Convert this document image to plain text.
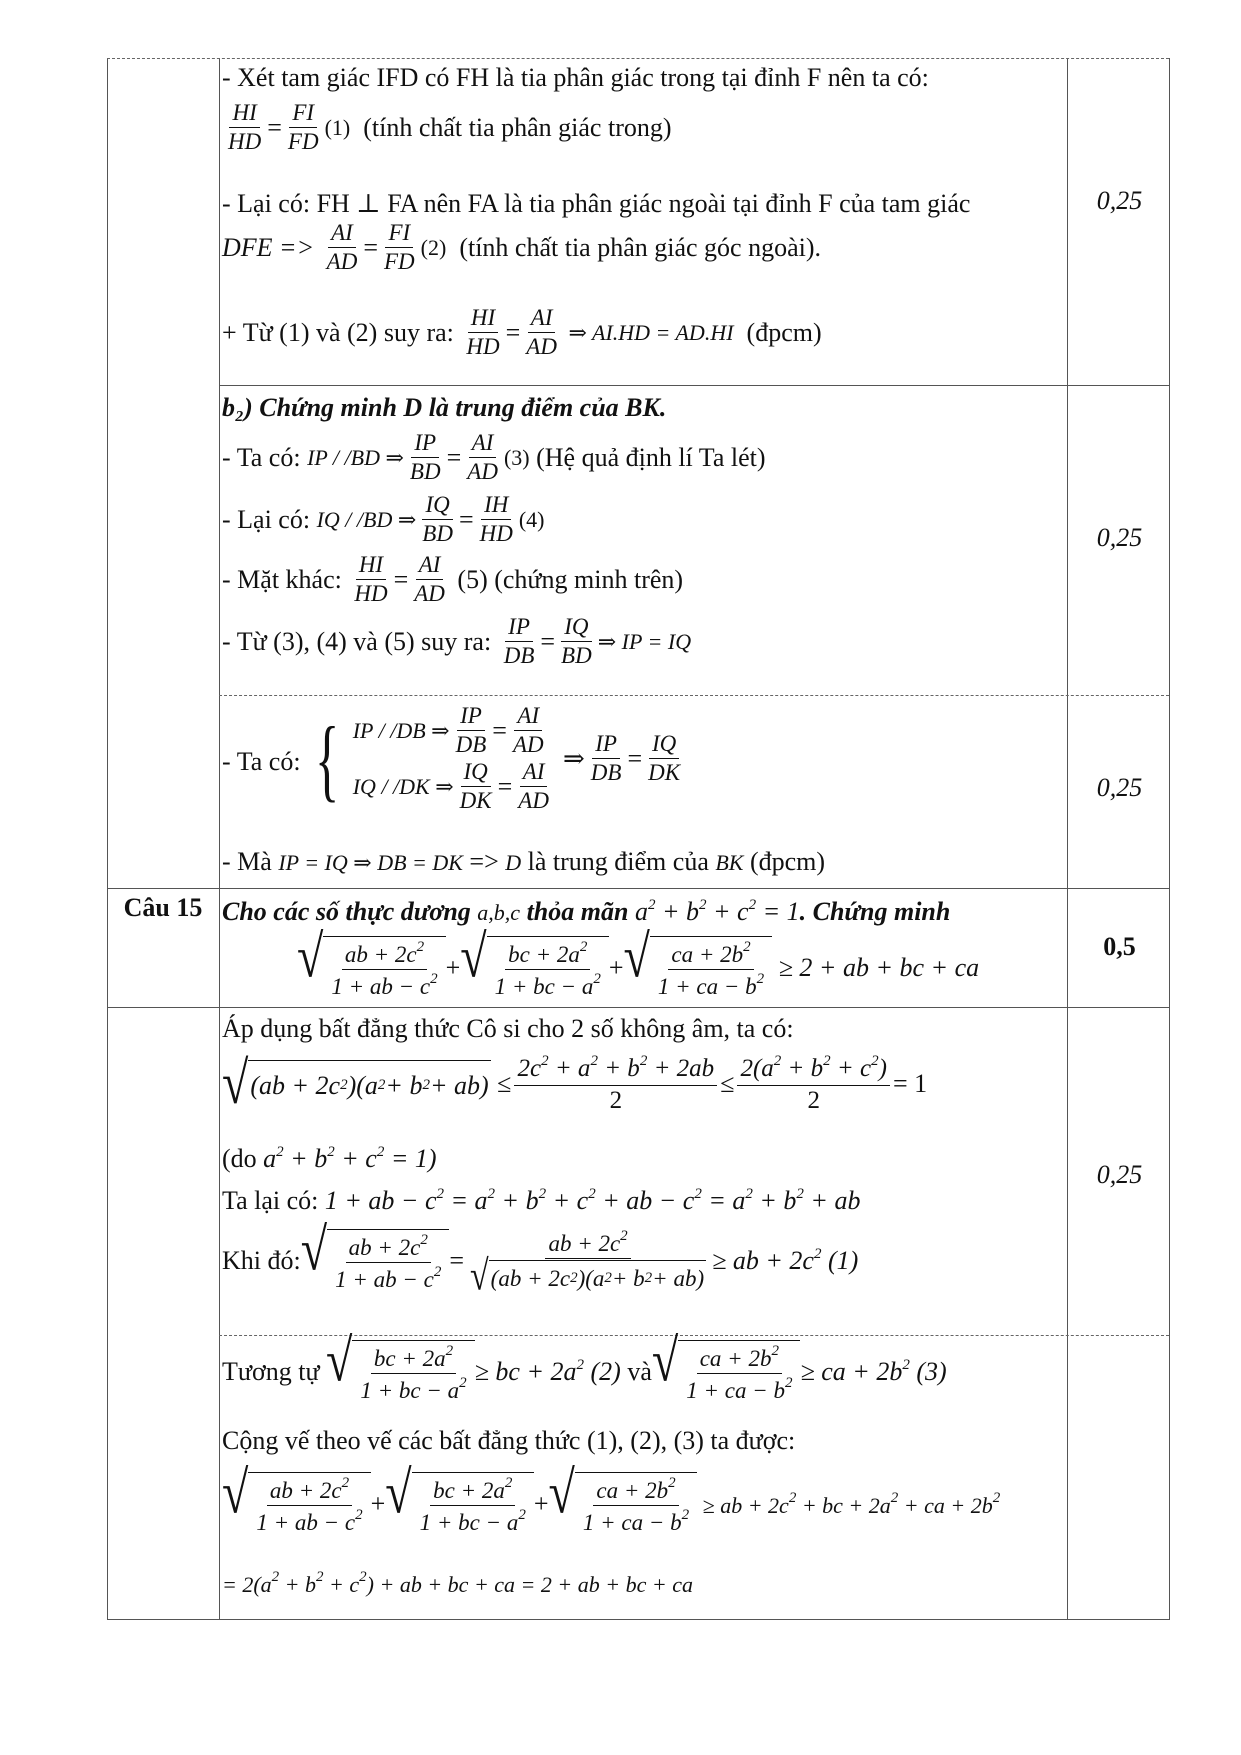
0,25
0,25
0,25
0,5
0,25
Câu 15
- Xét tam giác IFD có FH là tia phân giác trong tại đỉnh F nên ta có:
$\frac{HI}{HD} = \frac{FI}{FD} (1)$
(tính chất tia phân giác trong)
- Lại có: FH ⊥ FA nên FA là tia phân giác ngoài tại đỉnh F của tam giác
DFE =>
$\frac{AI}{AD} = \frac{FI}{FD} (2)$
(tính chất tia phân giác góc ngoài).
+ Từ (1) và (2) suy ra:
$\frac{HI}{HD} = \frac{AI}{AD}$ ⇒ AI.HD = AD.HI
(đpcm)
b₂) Chứng minh D là trung điểm của BK.
- Ta có:
IP / /BD ⇒ $\frac{IP}{BD} = \frac{AI}{AD} (3)$
(Hệ quả định lí Ta lét)
- Lại có:
IQ / /BD ⇒ $\frac{IQ}{BD} = \frac{IH}{HD} (4)$
- Mặt khác:
$\frac{HI}{HD} = \frac{AI}{AD}$
(5) (chứng minh trên)
- Từ (3), (4) và (5) suy ra:
$\frac{IP}{DB} = \frac{IQ}{BD}$ ⇒ IP = IQ
- Ta có: { IP / /DB ⇒ $\frac{IP}{DB} = \frac{AI}{AD}$
IQ / /DK ⇒ $\frac{IQ}{DK} = \frac{AI}{AD}$
⇒ $\frac{IP}{DB} = \frac{IQ}{DK}$
- Mà
IP = IQ ⇒ DB = DK => D
là trung điểm của
BK
(đpcm)
Cho các số thực dương
a,b,c
thỏa mãn
$a^2 + b^2 + c^2 = 1$ . Chứng minh
√ $\frac{ab + 2c^2}{1 + ab - c^2}$ + √ $\frac{bc + 2a^2}{1 + bc - a^2}$ + √ $\frac{ca + 2b^2}{1 + ca - b^2} \ge 2$ + ab + bc + ca
Áp dụng bất đẳng thức Cô si cho 2 số không âm, ta có:
√ (ab + 2c 2 )(a 2 + b $2 + ab) \le \frac{2c^2 + a^2 + b^2 + 2ab}{2} \le \frac{2(a^2 + b^2 + c^2)}{2} = 1$
(do
$a^2 + b^2 + c^2 = 1$)
Ta lại có:
1 + ab − $c^2 = a^2 + b^2 + c^2$ + ab − $c^2 = a^2 + b^2$ + ab
Khi đó: √ $\frac{ab + 2c^2}{1 + ab - c^2} = \frac{ab + 2c^2}{√ (ab + 2c 2 )(a 2 + b 2 + ab)}$ ≥ ab + $2c^2$ (1)
Tương tự
√ $\frac{bc + 2a^2}{1 + bc - a^2}$ ≥ bc + $2a^2$ (2)
và √ $\frac{ca + 2b^2}{1 + ca - b^2}$ ≥ ca + $2b^2$ (3)
Cộng vế theo vế các bất đẳng thức (1), (2), (3) ta được:
√ $\frac{ab + 2c^2}{1 + ab - c^2}$ + √ $\frac{bc + 2a^2}{1 + bc - a^2}$ + √ $\frac{ca + 2b^2}{1 + ca - b^2}$ ≥ ab + $2c^2$ + bc + $2a^2$ + ca + $2b^2$
= $2(a^2 + b^2 + c^2)$ + ab + bc + ca = 2 + ab + bc + ca
